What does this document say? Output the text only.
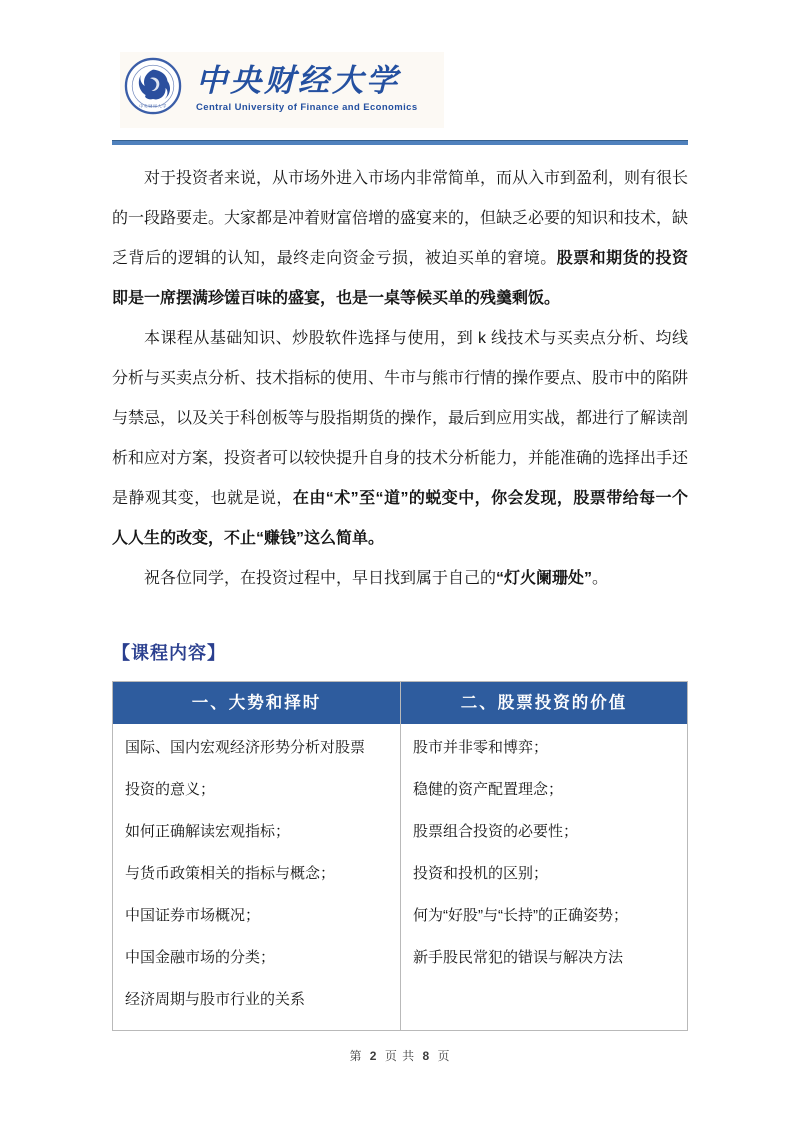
中央财经大学
中央财经大学
Central University of Finance and Economics

对于投资者来说，从市场外进入市场内非常简单，而从入市到盈利，则有很长的一段路要走。大家都是冲着财富倍增的盛宴来的，但缺乏必要的知识和技术，缺乏背后的逻辑的认知，最终走向资金亏损，被迫买单的窘境。股票和期货的投资即是一席摆满珍馐百味的盛宴，也是一桌等候买单的残羹剩饭。

本课程从基础知识、炒股软件选择与使用，到 k 线技术与买卖点分析、均线分析与买卖点分析、技术指标的使用、牛市与熊市行情的操作要点、股市中的陷阱与禁忌，以及关于科创板等与股指期货的操作，最后到应用实战，都进行了解读剖析和应对方案，投资者可以较快提升自身的技术分析能力，并能准确的选择出手还是静观其变，也就是说，在由“术”至“道”的蜕变中，你会发现，股票带给每一个人人生的改变，不止“赚钱”这么简单。

祝各位同学，在投资过程中，早日找到属于自己的“灯火阑珊处”。

【课程内容】
一、大势和择时
国际、国内宏观经济形势分析对股票
投资的意义；
如何正确解读宏观指标；
与货币政策相关的指标与概念；
中国证券市场概况；
中国金融市场的分类；
经济周期与股市行业的关系
二、股票投资的价值
股市并非零和博弈；
稳健的资产配置理念；
股票组合投资的必要性；
投资和投机的区别；
何为“好股”与“长持”的正确姿势；
新手股民常犯的错误与解决方法
第 2 页 共 8 页
